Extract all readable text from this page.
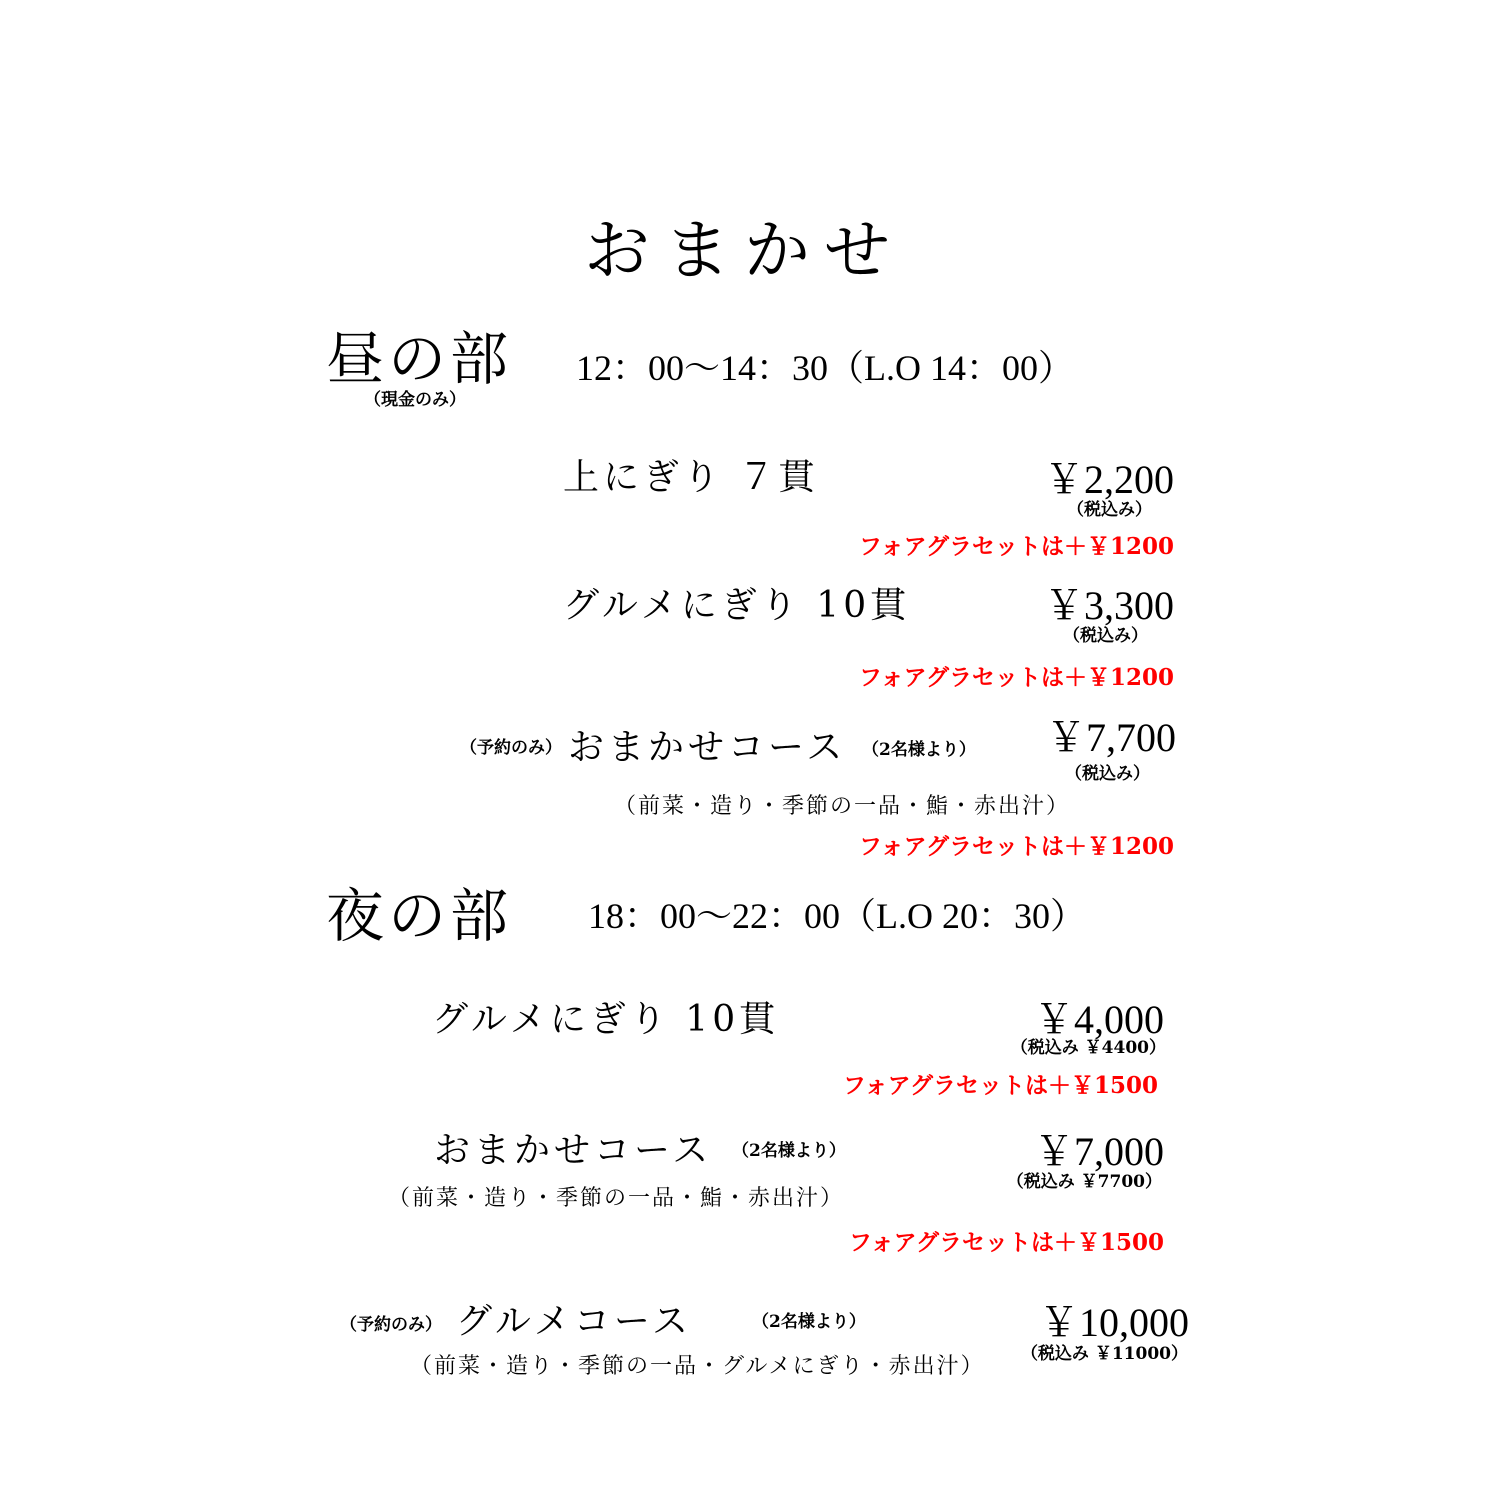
おまかせ
昼の部
（現金のみ）
12：00～14：30（L.O 14：00）
上にぎり ７貫	￥2,200
（税込み）
フォアグラセットは＋￥1200
グルメにぎり 10貫	￥3,300
（税込み）
フォアグラセットは＋￥1200
（予約のみ） おまかせコース （2名様より） ￥7,700
（税込み）
（前菜・造り・季節の一品・鮨・赤出汁）
フォアグラセットは＋￥1200
夜の部 18：00～22：00（L.O 20：30）
グルメにぎり 10貫	￥4,000
（税込み ￥4400）
フォアグラセットは＋￥1500
おまかせコース （2名様より）	￥7,000
（税込み ￥7700）
（前菜・造り・季節の一品・鮨・赤出汁）
フォアグラセットは＋￥1500
（予約のみ） グルメコース	（2名様より）	￥10,000
（税込み ￥11000）
（前菜・造り・季節の一品・グルメにぎり・赤出汁）
